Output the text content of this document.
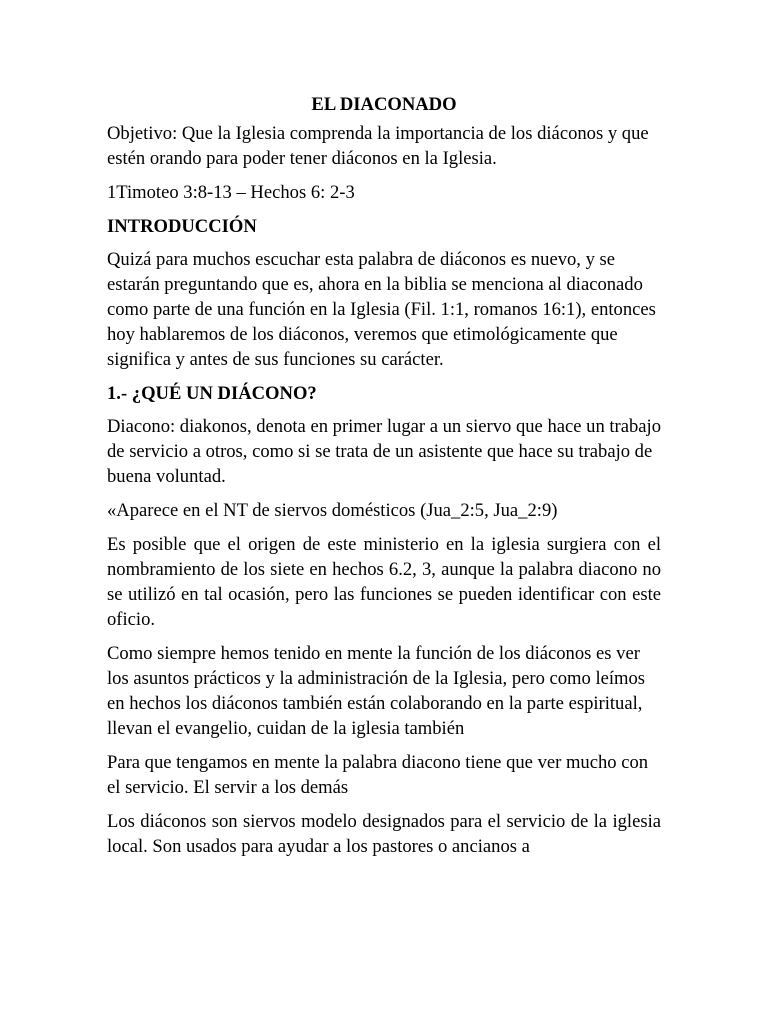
EL DIACONADO

Objetivo: Que la Iglesia comprenda la importancia de los diáconos y que estén orando para poder tener diáconos en la Iglesia.

1Timoteo 3:8-13 – Hechos 6: 2-3

INTRODUCCIÓN

Quizá para muchos escuchar esta palabra de diáconos es nuevo, y se estarán preguntando que es, ahora en la biblia se menciona al diaconado como parte de una función en la Iglesia (Fil. 1:1, romanos 16:1), entonces hoy hablaremos de los diáconos, veremos que etimológicamente que significa y antes de sus funciones su carácter.

1.- ¿QUÉ UN DIÁCONO?

Diacono: diakonos, denota en primer lugar a un siervo que hace un trabajo de servicio a otros, como si se trata de un asistente que hace su trabajo de buena voluntad.

«Aparece en el NT de siervos domésticos (Jua_2:5, Jua_2:9)

Es posible que el origen de este ministerio en la iglesia surgiera con el nombramiento de los siete en hechos 6.2, 3, aunque la palabra diacono no se utilizó en tal ocasión, pero las funciones se pueden identificar con este oficio.

Como siempre hemos tenido en mente la función de los diáconos es ver los asuntos prácticos y la administración de la Iglesia, pero como leímos en hechos los diáconos también están colaborando en la parte espiritual, llevan el evangelio, cuidan de la iglesia también

Para que tengamos en mente la palabra diacono tiene que ver mucho con el servicio. El servir a los demás

Los diáconos son siervos modelo designados para el servicio de la iglesia local. Son usados para ayudar a los pastores o ancianos a
